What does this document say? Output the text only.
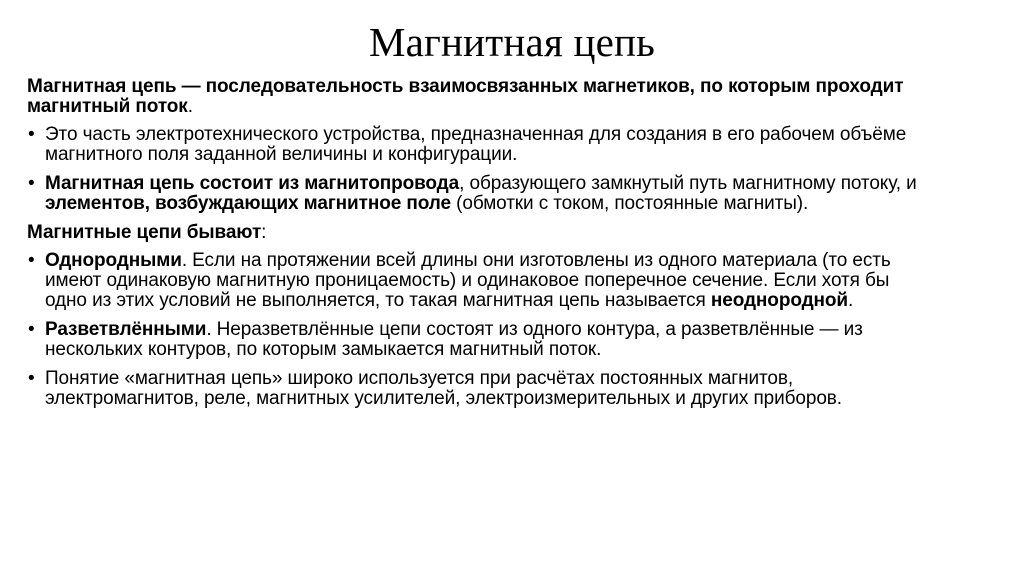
Магнитная цепь

Магнитная цепь — последовательность взаимосвязанных магнетиков, по которым проходит магнитный поток.

• Это часть электротехнического устройства, предназначенная для создания в его рабочем объёме магнитного поля заданной величины и конфигурации.
• Магнитная цепь состоит из магнитопровода, образующего замкнутый путь магнитному потоку, и элементов, возбуждающих магнитное поле (обмотки с током, постоянные магниты).

Магнитные цепи бывают:

• Однородными. Если на протяжении всей длины они изготовлены из одного материала (то есть имеют одинаковую магнитную проницаемость) и одинаковое поперечное сечение. Если хотя бы одно из этих условий не выполняется, то такая магнитная цепь называется неоднородной.
• Разветвлёнными. Неразветвлённые цепи состоят из одного контура, а разветвлённые — из нескольких контуров, по которым замыкается магнитный поток.
• Понятие «магнитная цепь» широко используется при расчётах постоянных магнитов, электромагнитов, реле, магнитных усилителей, электроизмерительных и других приборов.
